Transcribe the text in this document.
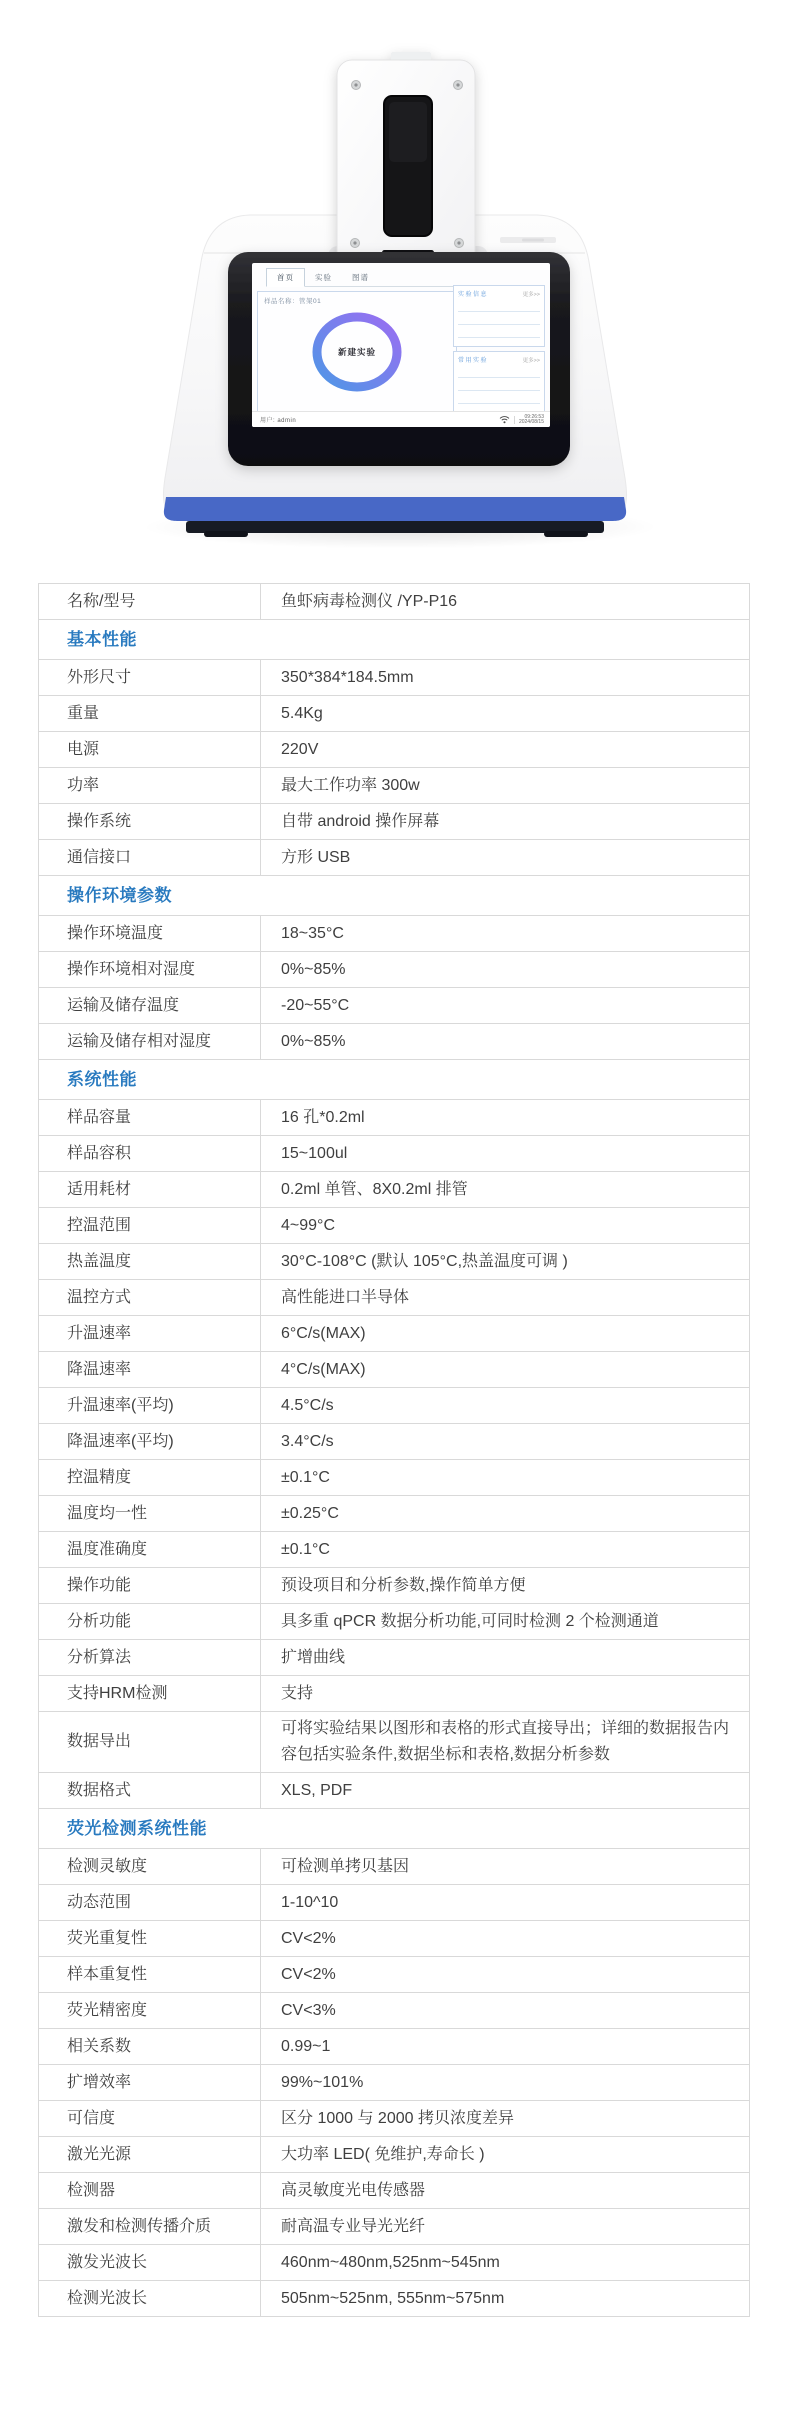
首页	实验	图谱
样品名称：管架01
新建实验
实验信息	更多>>
常用实验	更多>>
用户: admin
09:26:53
2024/08/15
名称/型号	鱼虾病毒检测仪 /YP-P16
基本性能	
外形尺寸	350*384*184.5mm
重量	5.4Kg
电源	220V
功率	最大工作功率 300w
操作系统	自带 android 操作屏幕
通信接口	方形 USB
操作环境参数	
操作环境温度	18~35°C
操作环境相对湿度	0%~85%
运输及储存温度	-20~55°C
运输及储存相对湿度	0%~85%
系统性能	
样品容量	16 孔*0.2ml
样品容积	15~100ul
适用耗材	0.2ml 单管、8X0.2ml 排管
控温范围	4~99°C
热盖温度	30°C-108°C (默认 105°C,热盖温度可调 )
温控方式	高性能进口半导体
升温速率	6°C/s(MAX)
降温速率	4°C/s(MAX)
升温速率(平均)	4.5°C/s
降温速率(平均)	3.4°C/s
控温精度	±0.1°C
温度均一性	±0.25°C
温度准确度	±0.1°C
操作功能	预设项目和分析参数,操作简单方便
分析功能	具多重 qPCR 数据分析功能,可同时检测 2 个检测通道
分析算法	扩增曲线
支持HRM检测	支持
数据导出	可将实验结果以图形和表格的形式直接导出；详细的数据报告内容包括实验条件,数据坐标和表格,数据分析参数
数据格式	XLS, PDF
荧光检测系统性能	
检测灵敏度	可检测单拷贝基因
动态范围	1-10^10
荧光重复性	CV<2%
样本重复性	CV<2%
荧光精密度	CV<3%
相关系数	0.99~1
扩增效率	99%~101%
可信度	区分 1000 与 2000 拷贝浓度差异
激光光源	大功率 LED( 免维护,寿命长 )
检测器	高灵敏度光电传感器
激发和检测传播介质	耐高温专业导光光纤
激发光波长	460nm~480nm,525nm~545nm
检测光波长	505nm~525nm, 555nm~575nm
